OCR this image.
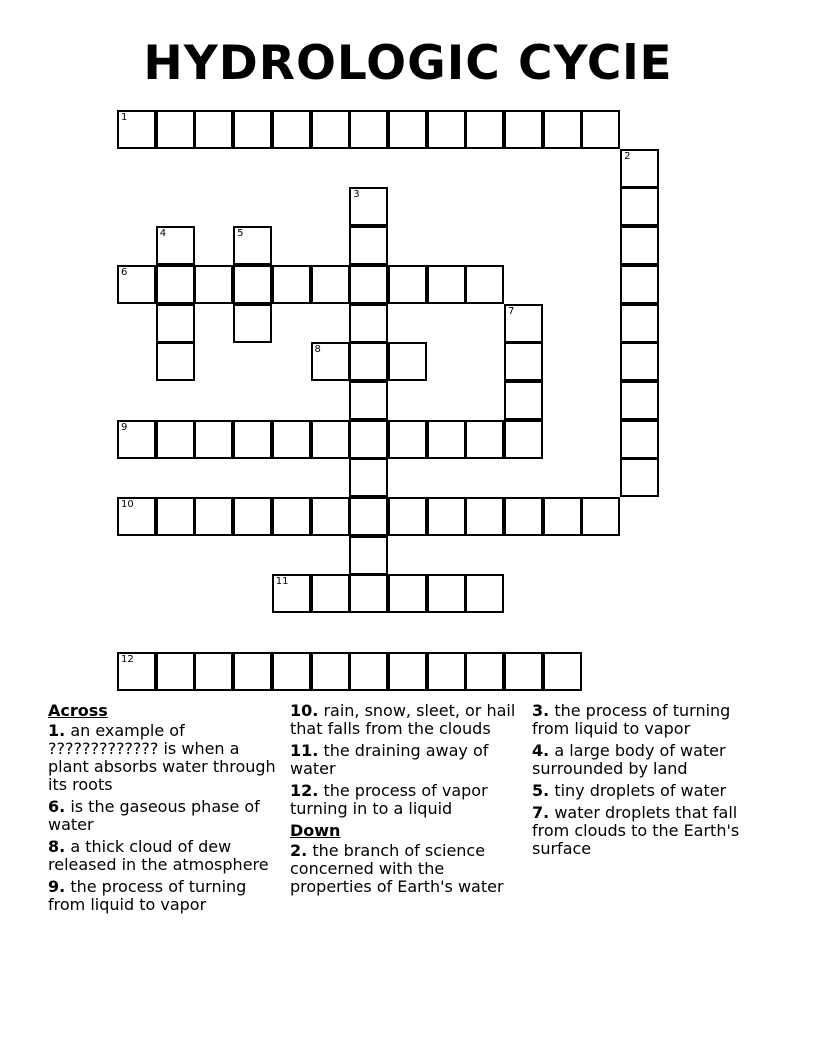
HYDROLOGIC CYClE
1
2
3
4	5
6
7
8
9
10
11
12
Across
1. an example of ????????????? is when a plant absorbs water through its roots
6. is the gaseous phase of water
8. a thick cloud of dew released in the atmosphere
9. the process of turning from liquid to vapor
10. rain, snow, sleet, or hail that falls from the clouds
11. the draining away of water
12. the process of vapor turning in to a liquid
Down
2. the branch of science concerned with the properties of Earth's water
3. the process of turning from liquid to vapor
4. a large body of water surrounded by land
5. tiny droplets of water
7. water droplets that fall from clouds to the Earth's surface
